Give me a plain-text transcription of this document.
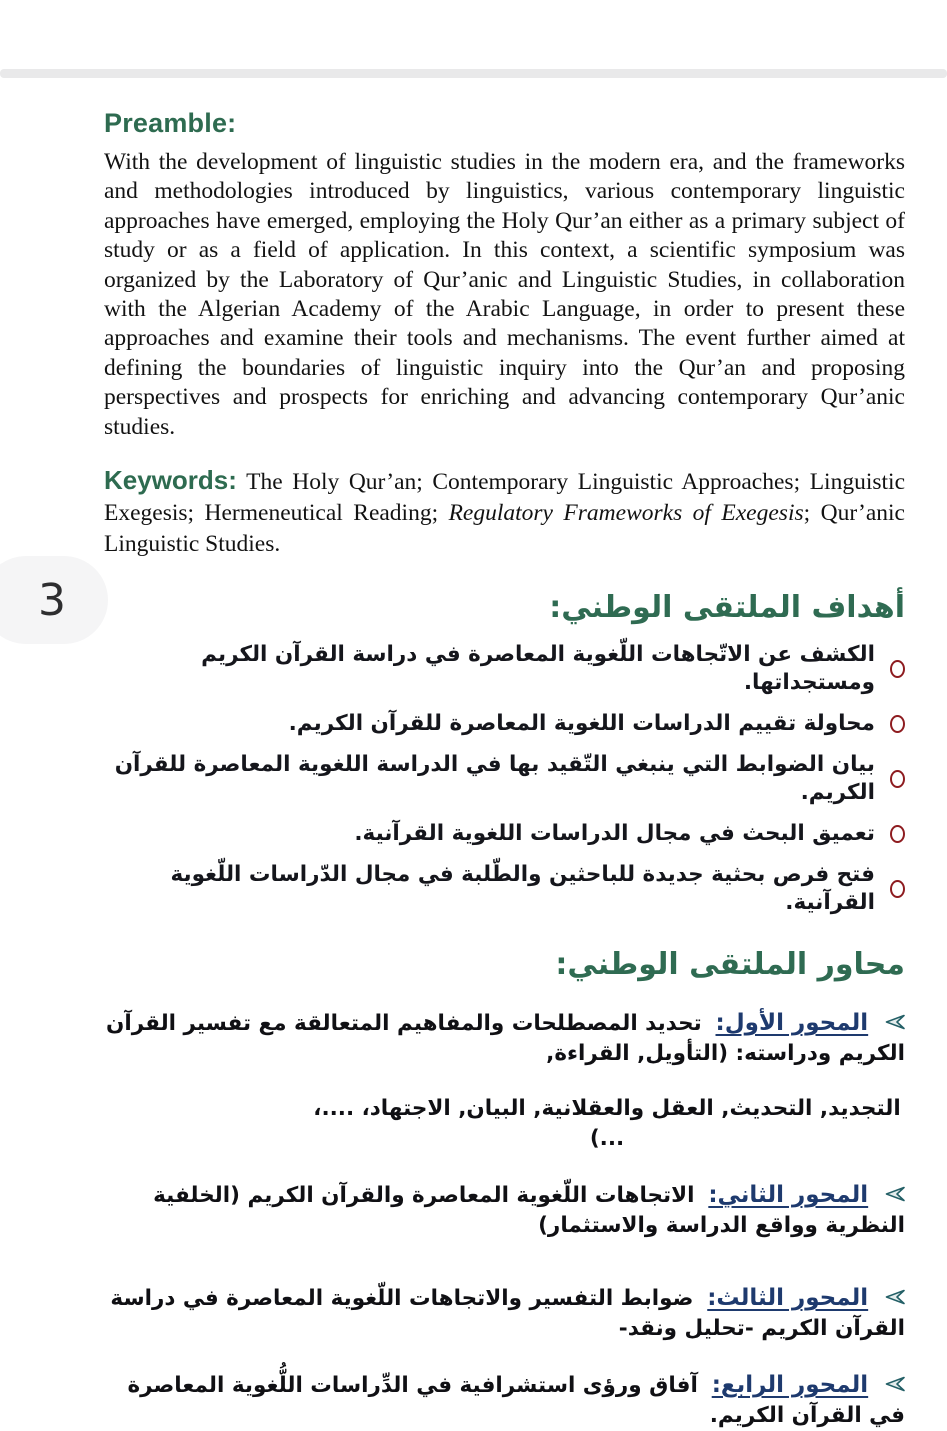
3
Preamble:

With the development of linguistic studies in the modern era, and the frameworks and methodologies introduced by linguistics, various contemporary linguistic approaches have emerged, employing the Holy Qur’an either as a primary subject of study or as a field of application. In this context, a scientific symposium was organized by the Laboratory of Qur’anic and Linguistic Studies, in collaboration with the Algerian Academy of the Arabic Language, in order to present these approaches and examine their tools and mechanisms. The event further aimed at defining the boundaries of linguistic inquiry into the Qur’an and proposing perspectives and prospects for enriching and advancing contemporary Qur’anic studies.

Keywords: The Holy Qur’an; Contemporary Linguistic Approaches; Linguistic Exegesis; Hermeneutical Reading; Regulatory Frameworks of Exegesis; Qur’anic Linguistic Studies.

أهداف الملتقى الوطني:
الكشف عن الاتّجاهات اللّغوية المعاصرة في دراسة القرآن الكريم ومستجداتها.
محاولة تقييم الدراسات اللغوية المعاصرة للقرآن الكريم.
بيان الضوابط التي ينبغي التّقيد بها في الدراسة اللغوية المعاصرة للقرآن الكريم.
تعميق البحث في مجال الدراسات اللغوية القرآنية.
فتح فرص بحثية جديدة للباحثين والطّلبة في مجال الدّراسات اللّغوية القرآنية.
محاور الملتقى الوطني:
المحور الأول: تحديد المصطلحات والمفاهيم المتعالقة مع تفسير القرآن الكريم ودراسته: (التأويل, القراءة,
التجديد, التحديث, العقل والعقلانية, البيان, الاجتهاد، ....، ...)
المحور الثاني: الاتجاهات اللّغوية المعاصرة والقرآن الكريم (الخلفية النظرية وواقع الدراسة والاستثمار)
المحور الثالث: ضوابط التفسير والاتجاهات اللّغوية المعاصرة في دراسة القرآن الكريم -تحليل ونقد-
المحور الرابع: آفاق ورؤى استشرافية في الدِّراسات اللُّغوية المعاصرة في القرآن الكريم.
